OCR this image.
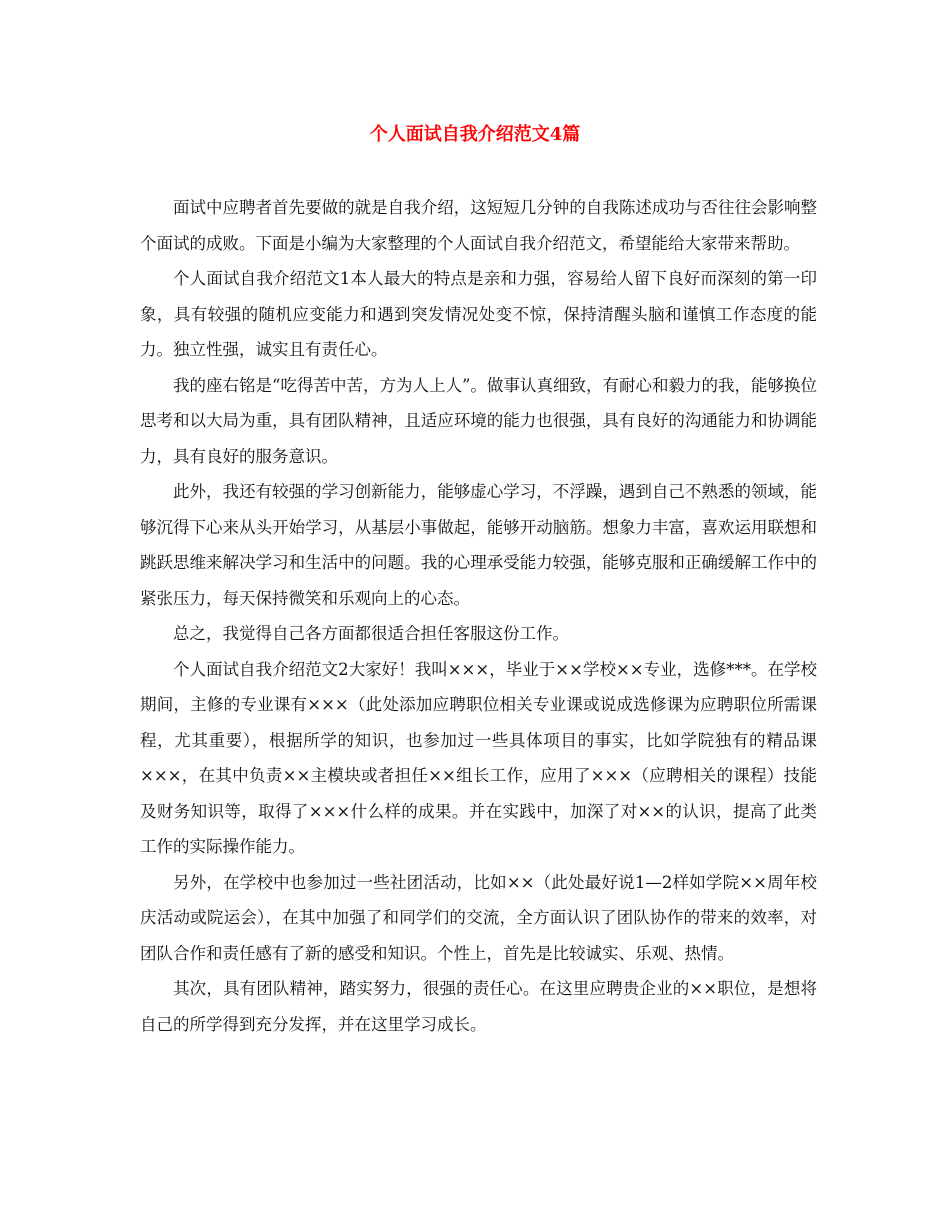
个人面试自我介绍范文4篇

面试中应聘者首先要做的就是自我介绍，这短短几分钟的自我陈述成功与否往往会影响整个面试的成败。下面是小编为大家整理的个人面试自我介绍范文，希望能给大家带来帮助。

个人面试自我介绍范文1本人最大的特点是亲和力强，容易给人留下良好而深刻的第一印象，具有较强的随机应变能力和遇到突发情况处变不惊，保持清醒头脑和谨慎工作态度的能力。独立性强，诚实且有责任心。

我的座右铭是“吃得苦中苦，方为人上人”。做事认真细致，有耐心和毅力的我，能够换位思考和以大局为重，具有团队精神，且适应环境的能力也很强，具有良好的沟通能力和协调能力，具有良好的服务意识。

此外，我还有较强的学习创新能力，能够虚心学习，不浮躁，遇到自己不熟悉的领域，能够沉得下心来从头开始学习，从基层小事做起，能够开动脑筋。想象力丰富，喜欢运用联想和跳跃思维来解决学习和生活中的问题。我的心理承受能力较强，能够克服和正确缓解工作中的紧张压力，每天保持微笑和乐观向上的心态。

总之，我觉得自己各方面都很适合担任客服这份工作。

个人面试自我介绍范文2大家好！我叫×××，毕业于××学校××专业，选修***。在学校期间，主修的专业课有×××（此处添加应聘职位相关专业课或说成选修课为应聘职位所需课程，尤其重要），根据所学的知识，也参加过一些具体项目的事实，比如学院独有的精品课×××，在其中负责××主模块或者担任××组长工作，应用了×××（应聘相关的课程）技能及财务知识等，取得了×××什么样的成果。并在实践中，加深了对××的认识，提高了此类工作的实际操作能力。

另外，在学校中也参加过一些社团活动，比如××（此处最好说1—2样如学院××周年校庆活动或院运会），在其中加强了和同学们的交流，全方面认识了团队协作的带来的效率，对团队合作和责任感有了新的感受和知识。个性上，首先是比较诚实、乐观、热情。

其次，具有团队精神，踏实努力，很强的责任心。在这里应聘贵企业的××职位，是想将自己的所学得到充分发挥，并在这里学习成长。
